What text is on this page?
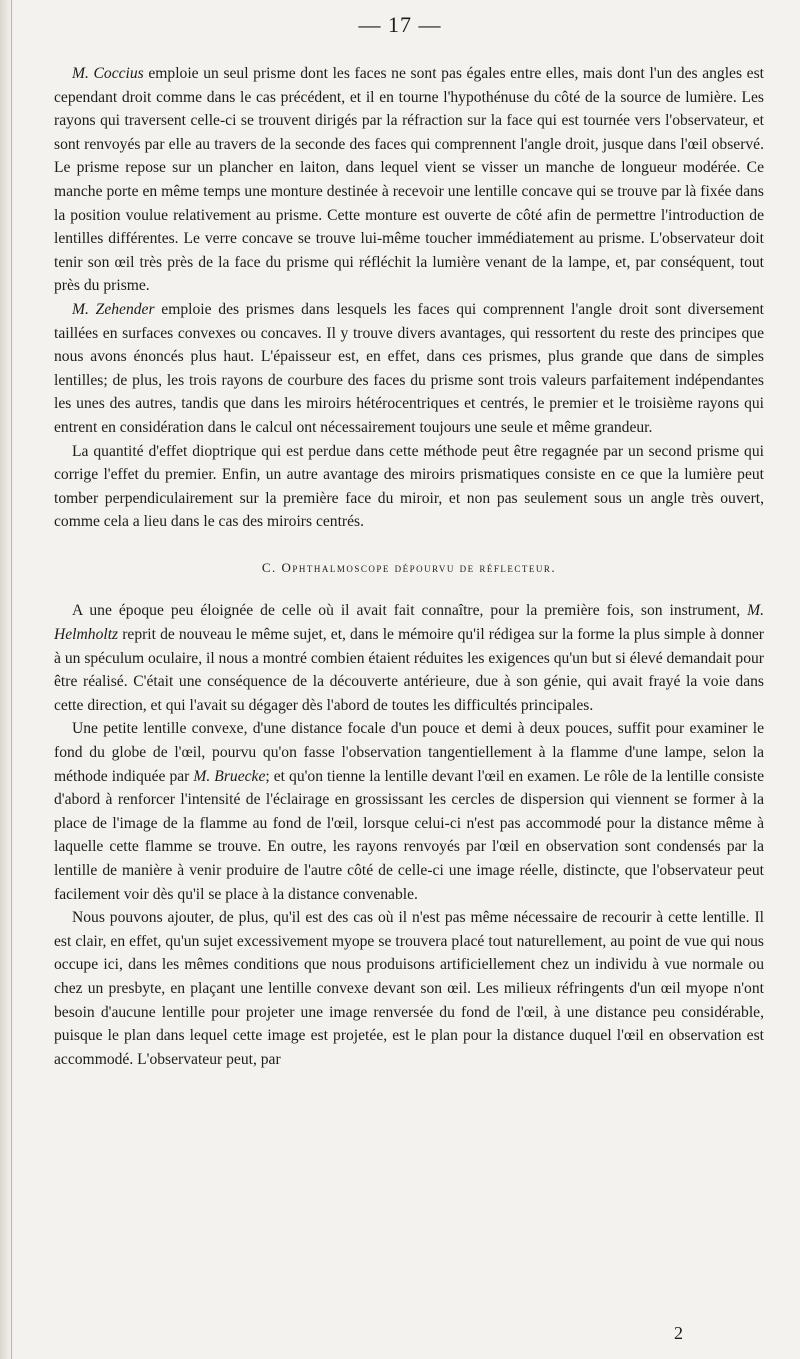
— 17 —

M. Coccius emploie un seul prisme dont les faces ne sont pas égales entre elles, mais dont l'un des angles est cependant droit comme dans le cas précédent, et il en tourne l'hypothénuse du côté de la source de lumière. Les rayons qui traversent celle-ci se trouvent dirigés par la réfraction sur la face qui est tournée vers l'observateur, et sont renvoyés par elle au travers de la seconde des faces qui comprennent l'angle droit, jusque dans l'œil observé. Le prisme repose sur un plancher en laiton, dans lequel vient se visser un manche de longueur modérée. Ce manche porte en même temps une monture destinée à recevoir une lentille concave qui se trouve par là fixée dans la position voulue relativement au prisme. Cette monture est ouverte de côté afin de permettre l'introduction de lentilles différentes. Le verre concave se trouve lui-même toucher immédiatement au prisme. L'observateur doit tenir son œil très près de la face du prisme qui réfléchit la lumière venant de la lampe, et, par conséquent, tout près du prisme.

M. Zehender emploie des prismes dans lesquels les faces qui comprennent l'angle droit sont diversement taillées en surfaces convexes ou concaves. Il y trouve divers avantages, qui ressortent du reste des principes que nous avons énoncés plus haut. L'épaisseur est, en effet, dans ces prismes, plus grande que dans de simples lentilles; de plus, les trois rayons de courbure des faces du prisme sont trois valeurs parfaitement indépendantes les unes des autres, tandis que dans les miroirs hétérocentriques et centrés, le premier et le troisième rayons qui entrent en considération dans le calcul ont nécessairement toujours une seule et même grandeur.

La quantité d'effet dioptrique qui est perdue dans cette méthode peut être regagnée par un second prisme qui corrige l'effet du premier. Enfin, un autre avantage des miroirs prismatiques consiste en ce que la lumière peut tomber perpendiculairement sur la première face du miroir, et non pas seulement sous un angle très ouvert, comme cela a lieu dans le cas des miroirs centrés.

C. Ophthalmoscope dépourvu de réflecteur.

A une époque peu éloignée de celle où il avait fait connaître, pour la première fois, son instrument, M. Helmholtz reprit de nouveau le même sujet, et, dans le mémoire qu'il rédigea sur la forme la plus simple à donner à un spéculum oculaire, il nous a montré combien étaient réduites les exigences qu'un but si élevé demandait pour être réalisé. C'était une conséquence de la découverte antérieure, due à son génie, qui avait frayé la voie dans cette direction, et qui l'avait su dégager dès l'abord de toutes les difficultés principales.

Une petite lentille convexe, d'une distance focale d'un pouce et demi à deux pouces, suffit pour examiner le fond du globe de l'œil, pourvu qu'on fasse l'observation tangentiellement à la flamme d'une lampe, selon la méthode indiquée par M. Bruecke; et qu'on tienne la lentille devant l'œil en examen. Le rôle de la lentille consiste d'abord à renforcer l'intensité de l'éclairage en grossissant les cercles de dispersion qui viennent se former à la place de l'image de la flamme au fond de l'œil, lorsque celui-ci n'est pas accommodé pour la distance même à laquelle cette flamme se trouve. En outre, les rayons renvoyés par l'œil en observation sont condensés par la lentille de manière à venir produire de l'autre côté de celle-ci une image réelle, distincte, que l'observateur peut facilement voir dès qu'il se place à la distance convenable.

Nous pouvons ajouter, de plus, qu'il est des cas où il n'est pas même nécessaire de recourir à cette lentille. Il est clair, en effet, qu'un sujet excessivement myope se trouvera placé tout naturellement, au point de vue qui nous occupe ici, dans les mêmes conditions que nous produisons artificiellement chez un individu à vue normale ou chez un presbyte, en plaçant une lentille convexe devant son œil. Les milieux réfringents d'un œil myope n'ont besoin d'aucune lentille pour projeter une image renversée du fond de l'œil, à une distance peu considérable, puisque le plan dans lequel cette image est projetée, est le plan pour la distance duquel l'œil en observation est accommodé. L'observateur peut, par

2
